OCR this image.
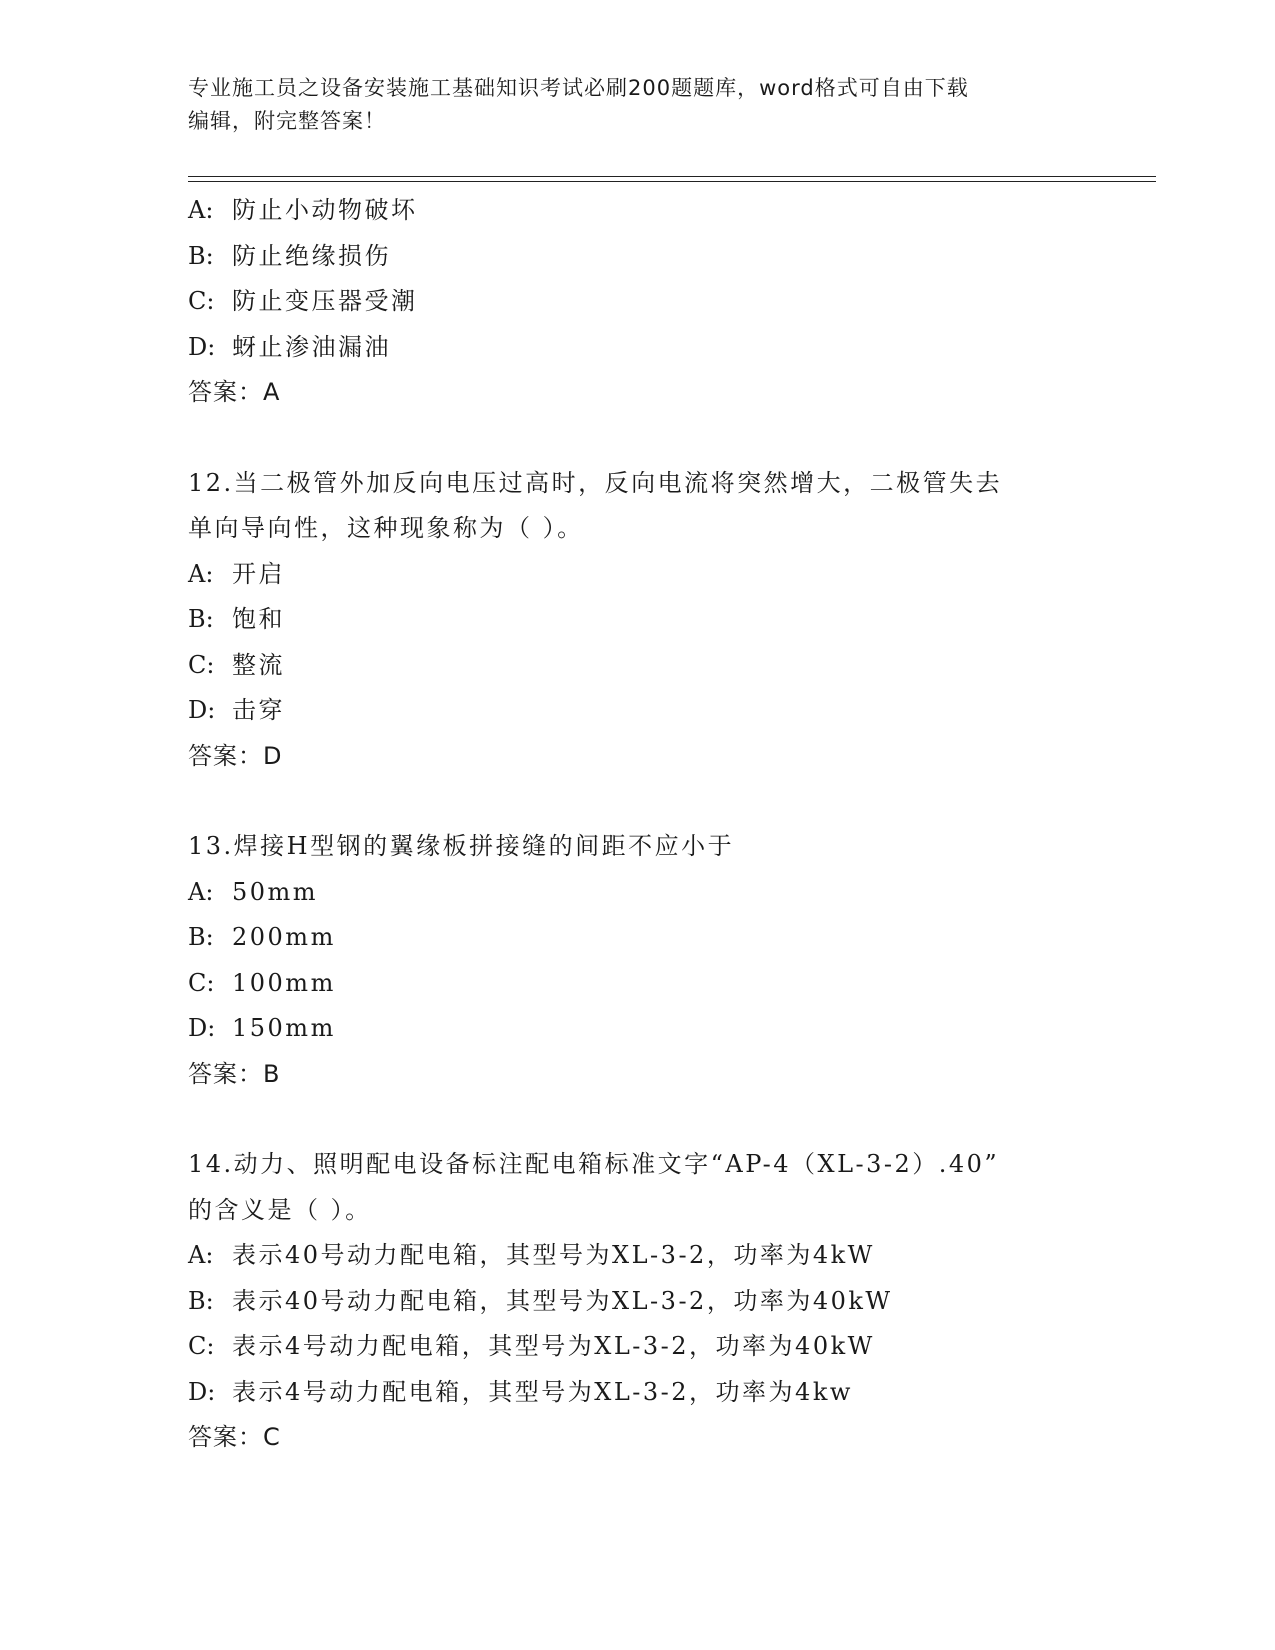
专业施工员之设备安装施工基础知识考试必刷200题题库，word格式可自由下载
编辑，附完整答案！
A: 防止小动物破坏
B: 防止绝缘损伤
C: 防止变压器受潮
D: 蚜止渗油漏油
答案：A
12.当二极管外加反向电压过高时，反向电流将突然增大，二极管失去
单向导向性，这种现象称为（ ）。
A: 开启
B: 饱和
C: 整流
D: 击穿
答案：D
13.焊接H型钢的翼缘板拼接缝的间距不应小于
A: 50mm
B: 200mm
C: 100mm
D: 150mm
答案：B
14.动力、照明配电设备标注配电箱标准文字“AP-4（XL-3-2）.40”
的含义是（ ）。
A: 表示40号动力配电箱，其型号为XL-3-2，功率为4kW
B: 表示40号动力配电箱，其型号为XL-3-2，功率为40kW
C: 表示4号动力配电箱，其型号为XL-3-2，功率为40kW
D: 表示4号动力配电箱，其型号为XL-3-2，功率为4kw
答案：C
